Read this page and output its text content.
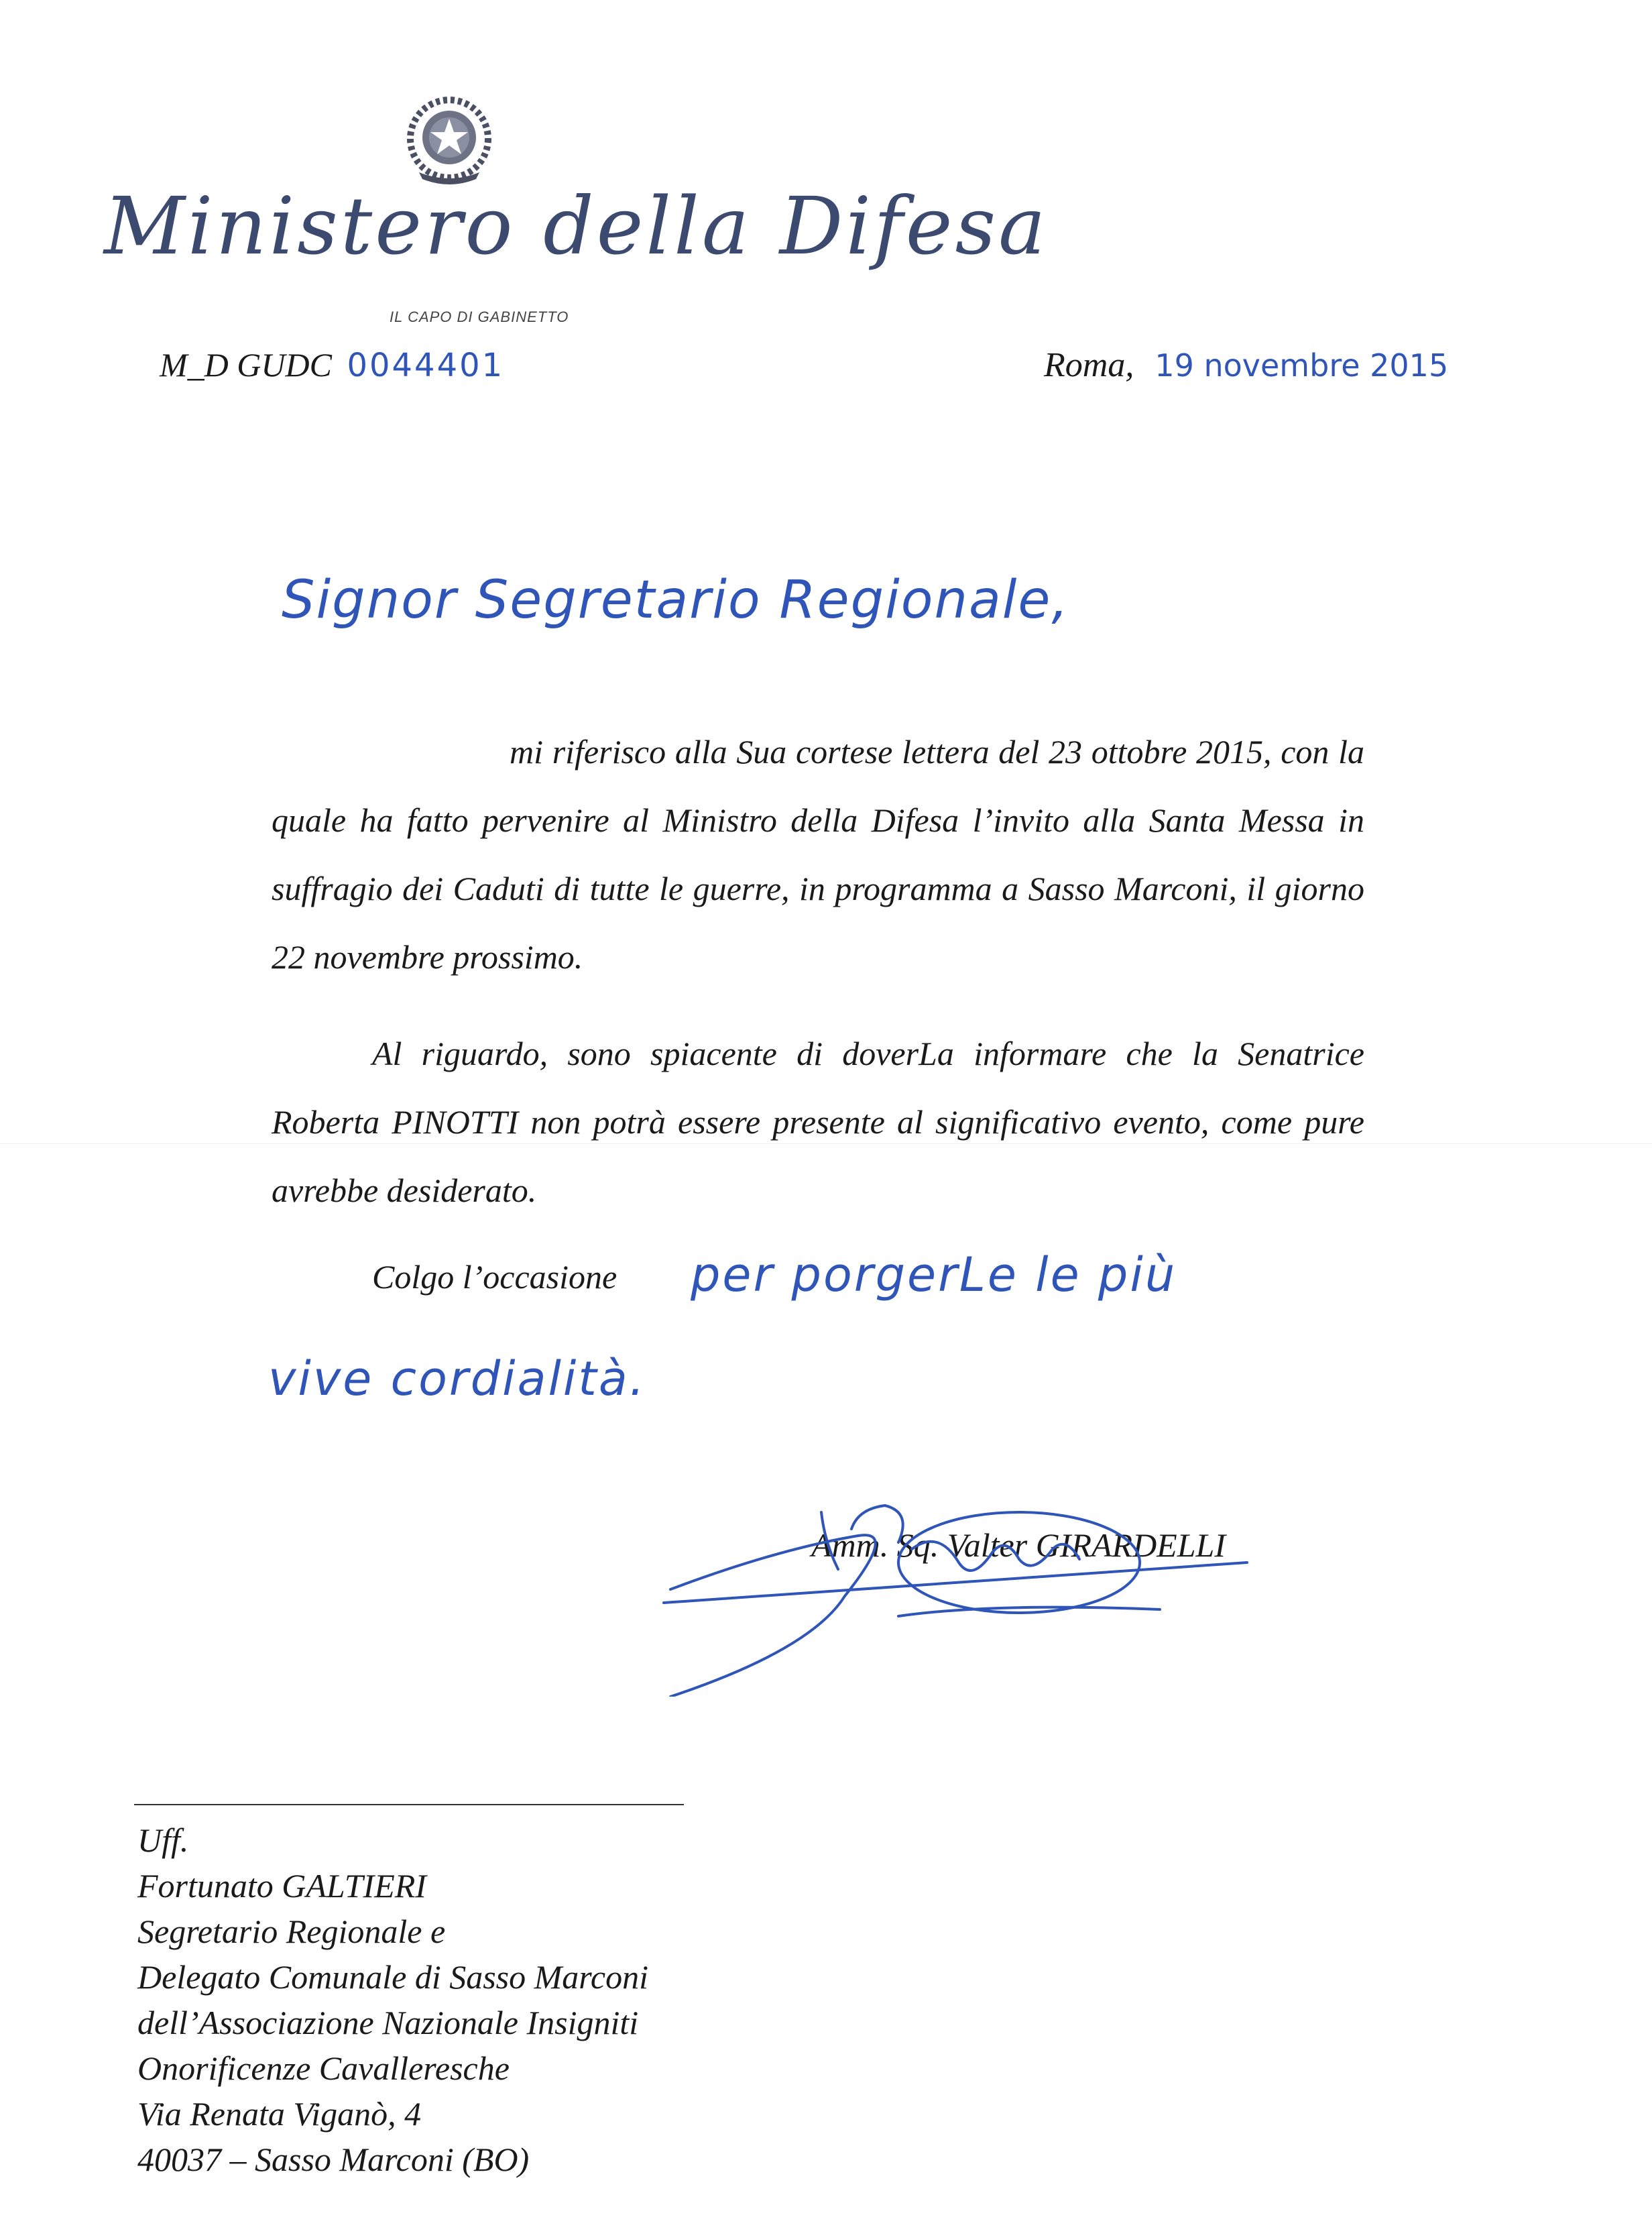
Ministero della Difesa
IL CAPO DI GABINETTO
M_D GUDC 0044401	Roma, 19 novembre 2015
Signor Segretario Regionale,

mi riferisco alla Sua cortese lettera del 23 ottobre 2015, con la quale ha fatto pervenire al Ministro della Difesa l’invito alla Santa Messa in suffragio dei Caduti di tutte le guerre, in programma a Sasso Marconi, il giorno 22 novembre prossimo.

Al riguardo, sono spiacente di doverLa informare che la Senatrice Roberta PINOTTI non potrà essere presente al significativo evento, come pure avrebbe desiderato.

Colgo l’occasione per porgerLe le più
vive cordialità.
Amm. Sq. Valter GIRARDELLI
Uff.
Fortunato GALTIERI
Segretario Regionale e
Delegato Comunale di Sasso Marconi
dell’Associazione Nazionale Insigniti
Onorificenze Cavalleresche
Via Renata Viganò, 4
40037 – Sasso Marconi (BO)
